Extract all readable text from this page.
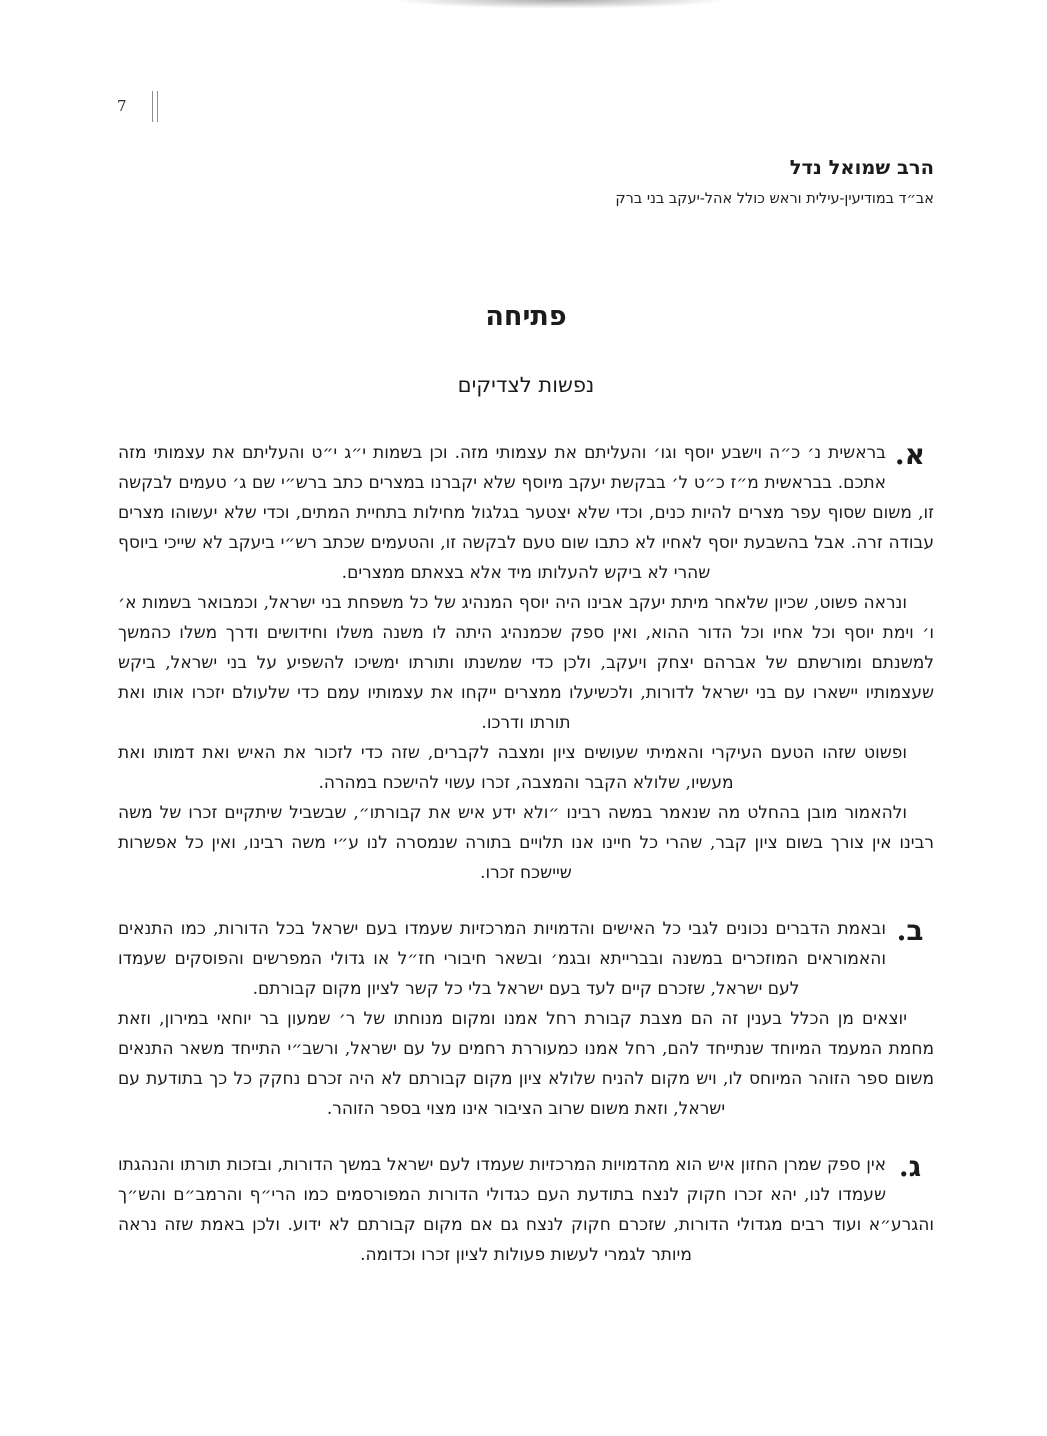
7
הרב שמואל נדל
אב״ד במודיעין-עילית וראש כולל אהל-יעקב בני ברק
פתיחה
נפשות לצדיקים

א.
בראשית נ׳ כ״ה וישבע יוסף וגו׳ והעליתם את עצמותי מזה. וכן בשמות י״ג י״ט והעליתם את עצמותי מזה אתכם. בבראשית מ״ז כ״ט ל׳ בבקשת יעקב מיוסף שלא יקברנו במצרים כתב ברש״י שם ג׳ טעמים לבקשה זו, משום שסוף עפר מצרים להיות כנים, וכדי שלא יצטער בגלגול מחילות בתחיית המתים, וכדי שלא יעשוהו מצרים עבודה זרה. אבל בהשבעת יוסף לאחיו לא כתבו שום טעם לבקשה זו, והטעמים שכתב רש״י ביעקב לא שייכי ביוסף שהרי לא ביקש להעלותו מיד אלא בצאתם ממצרים.

ונראה פשוט, שכיון שלאחר מיתת יעקב אבינו היה יוסף המנהיג של כל משפחת בני ישראל, וכמבואר בשמות א׳ ו׳ וימת יוסף וכל אחיו וכל הדור ההוא, ואין ספק שכמנהיג היתה לו משנה משלו וחידושים ודרך משלו כהמשך למשנתם ומורשתם של אברהם יצחק ויעקב, ולכן כדי שמשנתו ותורתו ימשיכו להשפיע על בני ישראל, ביקש שעצמותיו יישארו עם בני ישראל לדורות, ולכשיעלו ממצרים ייקחו את עצמותיו עמם כדי שלעולם יזכרו אותו ואת תורתו ודרכו.

ופשוט שזהו הטעם העיקרי והאמיתי שעושים ציון ומצבה לקברים, שזה כדי לזכור את האיש ואת דמותו ואת מעשיו, שלולא הקבר והמצבה, זכרו עשוי להישכח במהרה.

ולהאמור מובן בהחלט מה שנאמר במשה רבינו ״ולא ידע איש את קבורתו״, שבשביל שיתקיים זכרו של משה רבינו אין צורך בשום ציון קבר, שהרי כל חיינו אנו תלויים בתורה שנמסרה לנו ע״י משה רבינו, ואין כל אפשרות שיישכח זכרו.

ב.
ובאמת הדברים נכונים לגבי כל האישים והדמויות המרכזיות שעמדו בעם ישראל בכל הדורות, כמו התנאים והאמוראים המוזכרים במשנה ובברייתא ובגמ׳ ובשאר חיבורי חז״ל או גדולי המפרשים והפוסקים שעמדו לעם ישראל, שזכרם קיים לעד בעם ישראל בלי כל קשר לציון מקום קבורתם.

יוצאים מן הכלל בענין זה הם מצבת קבורת רחל אמנו ומקום מנוחתו של ר׳ שמעון בר יוחאי במירון, וזאת מחמת המעמד המיוחד שנתייחד להם, רחל אמנו כמעוררת רחמים על עם ישראל, ורשב״י התייחד משאר התנאים משום ספר הזוהר המיוחס לו, ויש מקום להניח שלולא ציון מקום קבורתם לא היה זכרם נחקק כל כך בתודעת עם ישראל, וזאת משום שרוב הציבור אינו מצוי בספר הזוהר.

ג.
אין ספק שמרן החזון איש הוא מהדמויות המרכזיות שעמדו לעם ישראל במשך הדורות, ובזכות תורתו והנהגתו שעמדו לנו, יהא זכרו חקוק לנצח בתודעת העם כגדולי הדורות המפורסמים כמו הרי״ף והרמב״ם והש״ך והגרע״א ועוד רבים מגדולי הדורות, שזכרם חקוק לנצח גם אם מקום קבורתם לא ידוע. ולכן באמת שזה נראה מיותר לגמרי לעשות פעולות לציון זכרו וכדומה.
